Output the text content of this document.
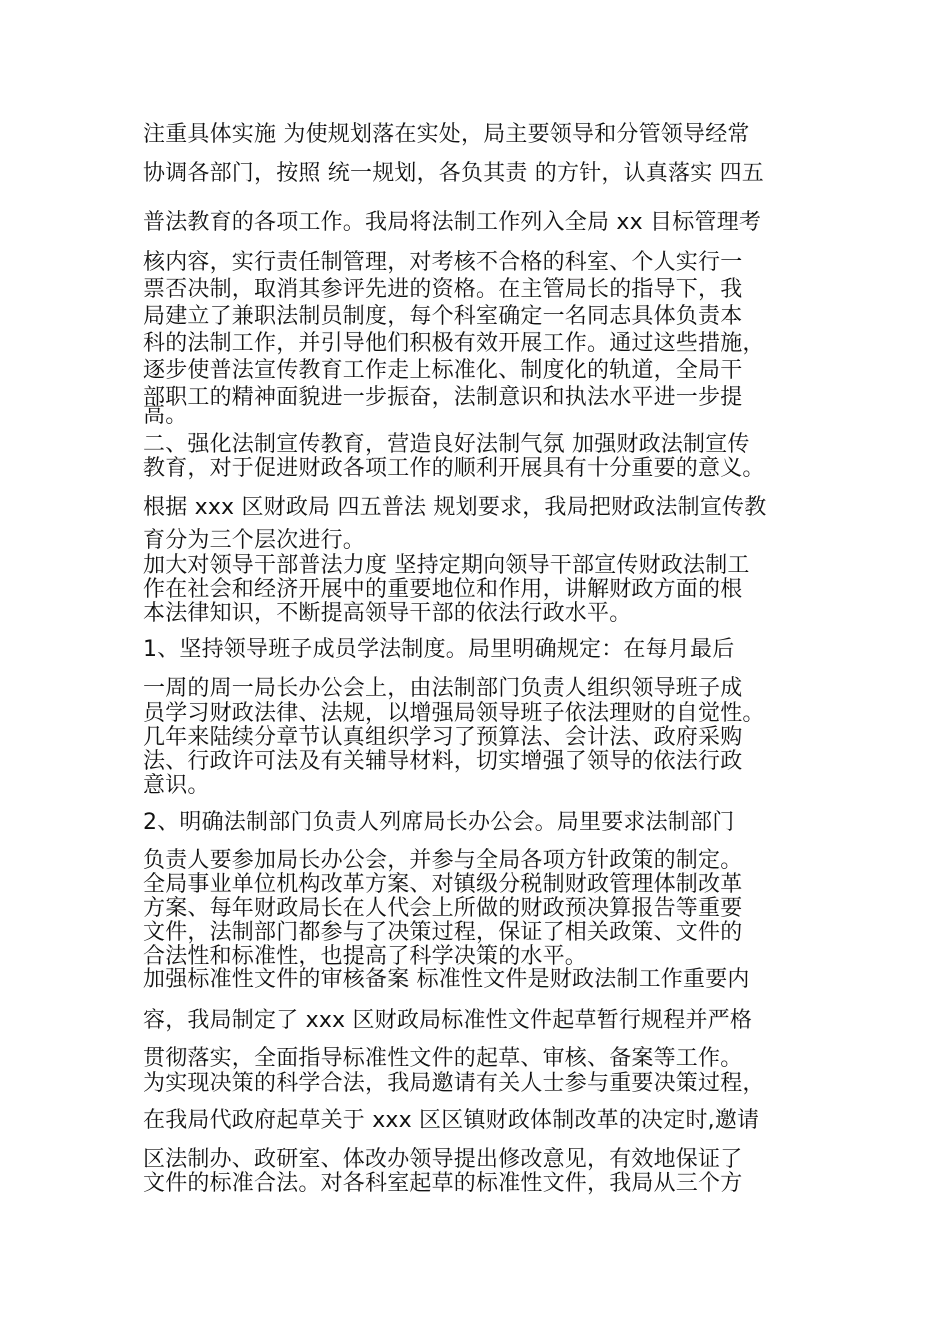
注重具体实施 为使规划落在实处，局主要领导和分管领导经常
协调各部门，按照 统一规划，各负其责 的方针，认真落实 四五
普法教育的各项工作。我局将法制工作列入全局 xx 目标管理考
核内容，实行责任制管理，对考核不合格的科室、个人实行一
票否决制，取消其参评先进的资格。在主管局长的指导下，我
局建立了兼职法制员制度，每个科室确定一名同志具体负责本
科的法制工作，并引导他们积极有效开展工作。通过这些措施，
逐步使普法宣传教育工作走上标准化、制度化的轨道，全局干
部职工的精神面貌进一步振奋，法制意识和执法水平进一步提
高。
二、强化法制宣传教育，营造良好法制气氛 加强财政法制宣传
教育，对于促进财政各项工作的顺利开展具有十分重要的意义。
根据 xxx 区财政局 四五普法 规划要求，我局把财政法制宣传教
育分为三个层次进行。
加大对领导干部普法力度 坚持定期向领导干部宣传财政法制工
作在社会和经济开展中的重要地位和作用，讲解财政方面的根
本法律知识，不断提高领导干部的依法行政水平。
1、坚持领导班子成员学法制度。局里明确规定：在每月最后
一周的周一局长办公会上，由法制部门负责人组织领导班子成
员学习财政法律、法规，以增强局领导班子依法理财的自觉性。
几年来陆续分章节认真组织学习了预算法、会计法、政府采购
法、行政许可法及有关辅导材料，切实增强了领导的依法行政
意识。
2、明确法制部门负责人列席局长办公会。局里要求法制部门
负责人要参加局长办公会，并参与全局各项方针政策的制定。
全局事业单位机构改革方案、对镇级分税制财政管理体制改革
方案、每年财政局长在人代会上所做的财政预决算报告等重要
文件，法制部门都参与了决策过程，保证了相关政策、文件的
合法性和标准性，也提高了科学决策的水平。
加强标准性文件的审核备案 标准性文件是财政法制工作重要内
容，我局制定了 xxx 区财政局标准性文件起草暂行规程并严格
贯彻落实，全面指导标准性文件的起草、审核、备案等工作。
为实现决策的科学合法，我局邀请有关人士参与重要决策过程，
在我局代政府起草关于 xxx 区区镇财政体制改革的决定时,邀请
区法制办、政研室、体改办领导提出修改意见，有效地保证了
文件的标准合法。对各科室起草的标准性文件，我局从三个方
